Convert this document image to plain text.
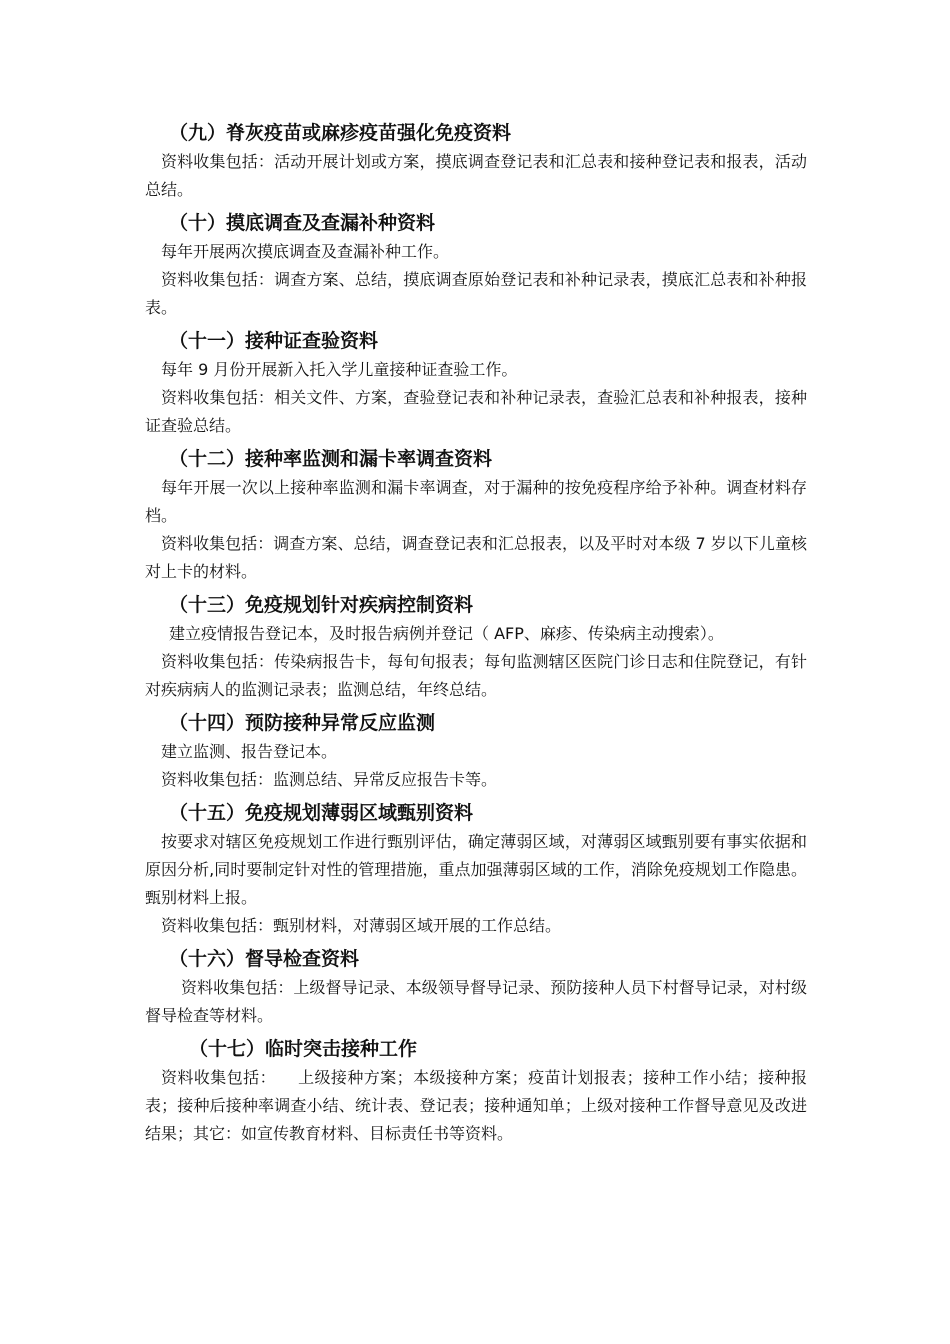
（九）脊灰疫苗或麻疹疫苗强化免疫资料

资料收集包括：活动开展计划或方案，摸底调查登记表和汇总表和接种登记表和报表，活动总结。

（十）摸底调查及查漏补种资料

每年开展两次摸底调查及查漏补种工作。

资料收集包括：调查方案、总结，摸底调查原始登记表和补种记录表，摸底汇总表和补种报表。

（十一）接种证查验资料

每年 9 月份开展新入托入学儿童接种证查验工作。

资料收集包括：相关文件、方案，查验登记表和补种记录表，查验汇总表和补种报表，接种证查验总结。

（十二）接种率监测和漏卡率调查资料

每年开展一次以上接种率监测和漏卡率调查，对于漏种的按免疫程序给予补种。调查材料存档。

资料收集包括：调查方案、总结，调查登记表和汇总报表，以及平时对本级 7 岁以下儿童核对上卡的材料。

（十三）免疫规划针对疾病控制资料

建立疫情报告登记本，及时报告病例并登记（ AFP、麻疹、传染病主动搜索）。

资料收集包括：传染病报告卡，每旬旬报表；每旬监测辖区医院门诊日志和住院登记，有针对疾病病人的监测记录表；监测总结，年终总结。

（十四）预防接种异常反应监测

建立监测、报告登记本。

资料收集包括：监测总结、异常反应报告卡等。

（十五）免疫规划薄弱区域甄别资料

按要求对辖区免疫规划工作进行甄别评估，确定薄弱区域，对薄弱区域甄别要有事实依据和原因分析,同时要制定针对性的管理措施，重点加强薄弱区域的工作，消除免疫规划工作隐患。甄别材料上报。

资料收集包括：甄别材料，对薄弱区域开展的工作总结。

（十六）督导检查资料

资料收集包括：上级督导记录、本级领导督导记录、预防接种人员下村督导记录，对村级督导检查等材料。

（十七）临时突击接种工作

资料收集包括：    上级接种方案；本级接种方案；疫苗计划报表；接种工作小结；接种报表；接种后接种率调查小结、统计表、登记表；接种通知单；上级对接种工作督导意见及改进结果；其它：如宣传教育材料、目标责任书等资料。
